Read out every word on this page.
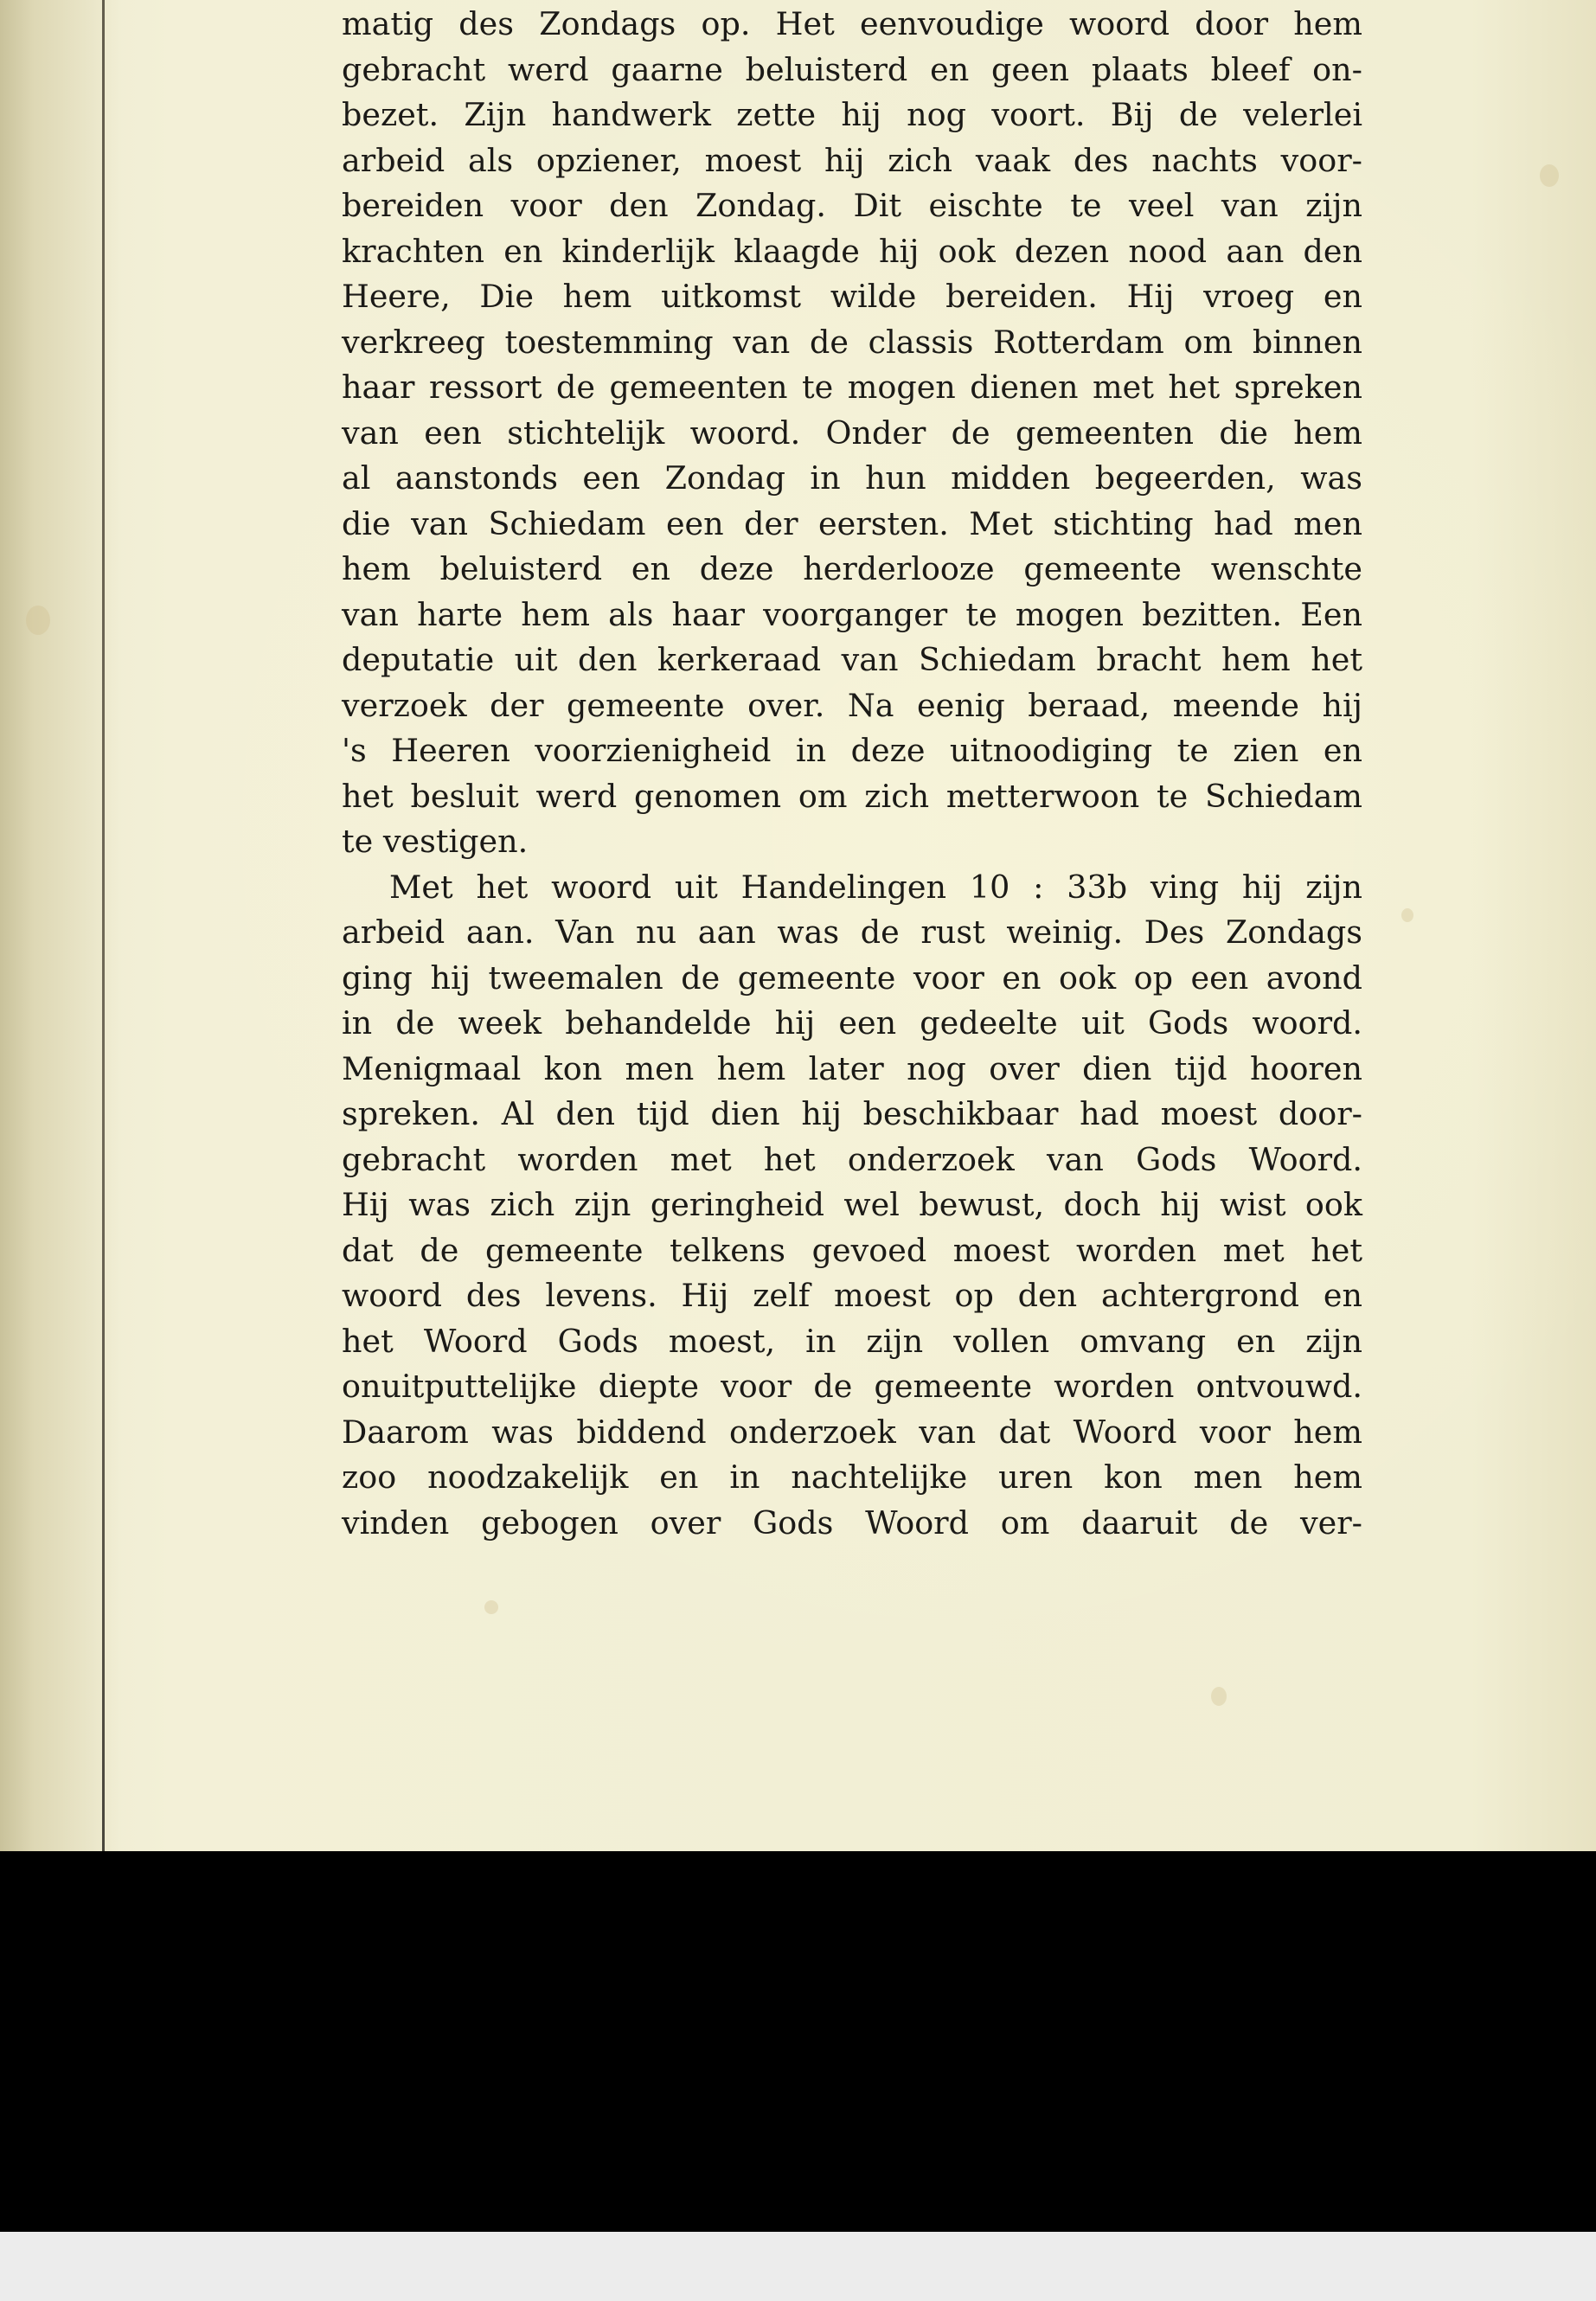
matig des Zondags op. Het eenvoudige woord door hem
gebracht werd gaarne beluisterd en geen plaats bleef on-
bezet. Zijn handwerk zette hij nog voort. Bij de velerlei
arbeid als opziener, moest hij zich vaak des nachts voor-
bereiden voor den Zondag. Dit eischte te veel van zijn
krachten en kinderlijk klaagde hij ook dezen nood aan den
Heere, Die hem uitkomst wilde bereiden. Hij vroeg en
verkreeg toestemming van de classis Rotterdam om binnen
haar ressort de gemeenten te mogen dienen met het spreken
van een stichtelijk woord. Onder de gemeenten die hem
al aanstonds een Zondag in hun midden begeerden, was
die van Schiedam een der eersten. Met stichting had men
hem beluisterd en deze herderlooze gemeente wenschte
van harte hem als haar voorganger te mogen bezitten. Een
deputatie uit den kerkeraad van Schiedam bracht hem het
verzoek der gemeente over. Na eenig beraad, meende hij
's Heeren voorzienigheid in deze uitnoodiging te zien en
het besluit werd genomen om zich metterwoon te Schiedam
te vestigen.
Met het woord uit Handelingen 10 : 33b ving hij zijn
arbeid aan. Van nu aan was de rust weinig. Des Zondags
ging hij tweemalen de gemeente voor en ook op een avond
in de week behandelde hij een gedeelte uit Gods woord.
Menigmaal kon men hem later nog over dien tijd hooren
spreken. Al den tijd dien hij beschikbaar had moest door-
gebracht worden met het onderzoek van Gods Woord.
Hij was zich zijn geringheid wel bewust, doch hij wist ook
dat de gemeente telkens gevoed moest worden met het
woord des levens. Hij zelf moest op den achtergrond en
het Woord Gods moest, in zijn vollen omvang en zijn
onuitputtelijke diepte voor de gemeente worden ontvouwd.
Daarom was biddend onderzoek van dat Woord voor hem
zoo noodzakelijk en in nachtelijke uren kon men hem
vinden gebogen over Gods Woord om daaruit de ver-
